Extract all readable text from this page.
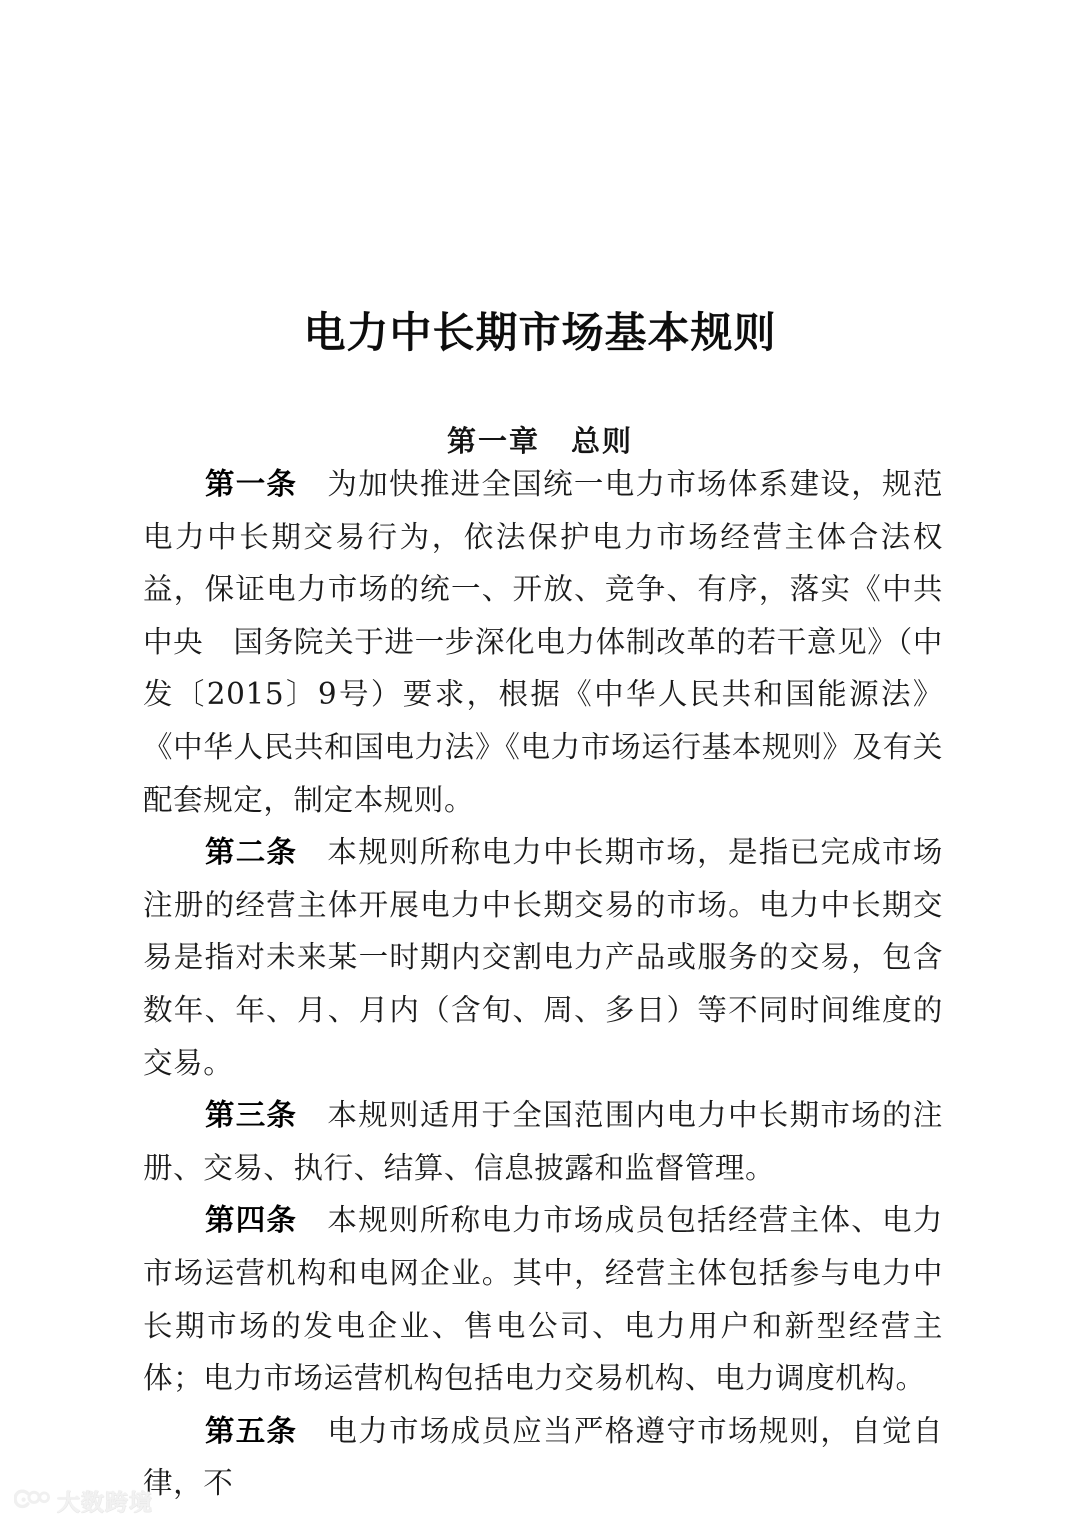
电力中长期市场基本规则
第一章　总则

第一条 为加快推进全国统一电力市场体系建设，规范电力中长期交易行为，依法保护电力市场经营主体合法权益，保证电力市场的统一、开放、竞争、有序，落实《中共中央　国务院关于进一步深化电力体制改革的若干意见》（中发〔2015〕9号）要求，根据《中华人民共和国能源法》《中华人民共和国电力法》《电力市场运行基本规则》及有关配套规定，制定本规则。

第二条 本规则所称电力中长期市场，是指已完成市场注册的经营主体开展电力中长期交易的市场。电力中长期交易是指对未来某一时期内交割电力产品或服务的交易，包含数年、年、月、月内（含旬、周、多日）等不同时间维度的交易。

第三条 本规则适用于全国范围内电力中长期市场的注册、交易、执行、结算、信息披露和监督管理。

第四条 本规则所称电力市场成员包括经营主体、电力市场运营机构和电网企业。其中，经营主体包括参与电力中长期市场的发电企业、售电公司、电力用户和新型经营主体；电力市场运营机构包括电力交易机构、电力调度机构。

第五条 电力市场成员应当严格遵守市场规则，自觉自律，不

大数跨境
